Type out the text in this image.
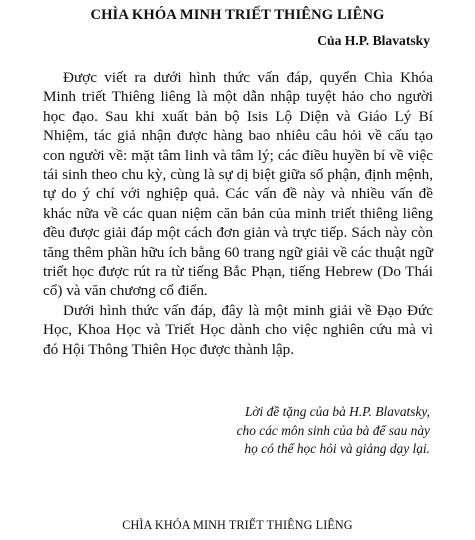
CHÌA KHÓA MINH TRIẾT THIÊNG LIÊNG
Của H.P. Blavatsky

Được viết ra dưới hình thức vấn đáp, quyển Chìa Khóa Minh triết Thiêng liêng là một dẫn nhập tuyệt hảo cho người học đạo. Sau khi xuất bản bộ Isis Lộ Diện và Giáo Lý Bí Nhiệm, tác giả nhận được hàng bao nhiêu câu hỏi về cấu tạo con người về: mặt tâm linh và tâm lý; các điều huyền bí về việc tái sinh theo chu kỳ, cùng là sự dị biệt giữa số phận, định mệnh, tự do ý chí với nghiệp quả. Các vấn đề này và nhiều vấn đề khác nữa về các quan niệm căn bản của minh triết thiêng liêng đều được giải đáp một cách đơn giản và trực tiếp. Sách này còn tăng thêm phần hữu ích bằng 60 trang ngữ giải về các thuật ngữ triết học được rút ra từ tiếng Bắc Phạn, tiếng Hebrew (Do Thái cổ) và văn chương cổ điển.

Dưới hình thức vấn đáp, đây là một minh giải về Đạo Đức Học, Khoa Học và Triết Học dành cho việc nghiên cứu mà vì đó Hội Thông Thiên Học được thành lập.

Lời đề tặng của bà H.P. Blavatsky,
cho các môn sinh của bà để sau này
họ có thể học hỏi và giảng dạy lại.
CHÌA KHÓA MINH TRIẾT THIÊNG LIÊNG
